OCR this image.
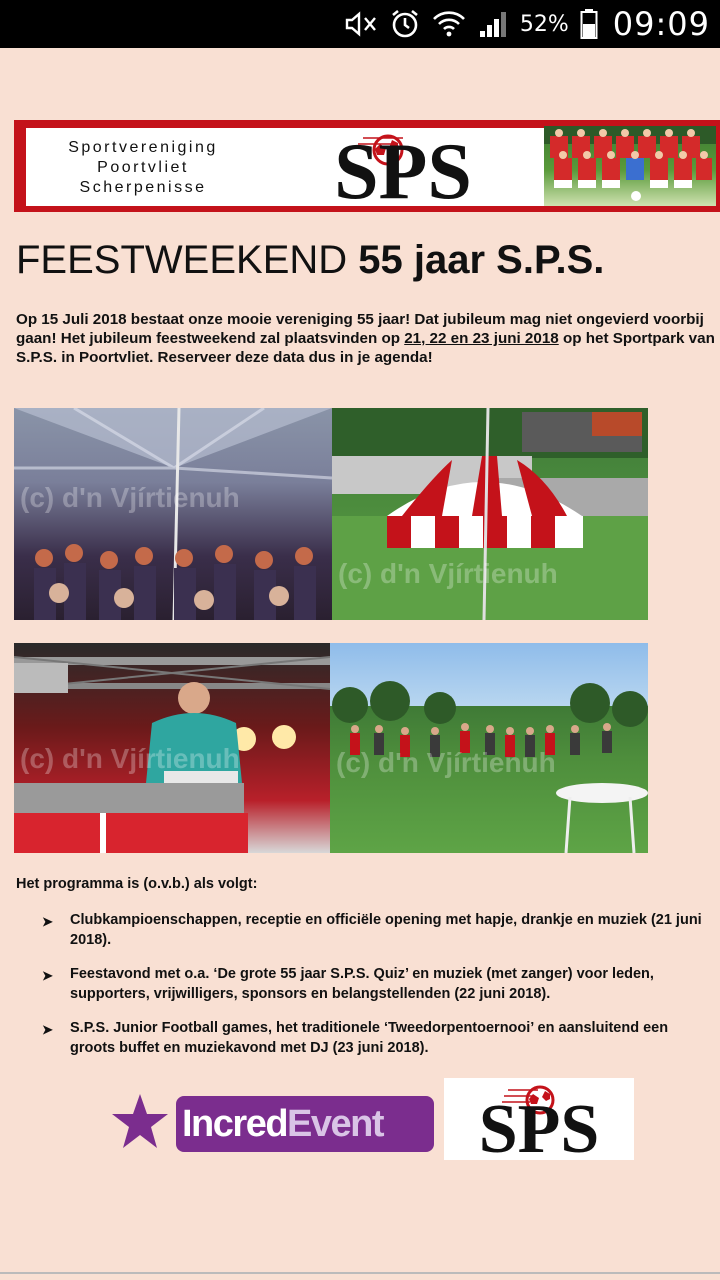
52% 09:09
Sportvereniging
Poortvliet
Scherpenisse	SPS
FEESTWEEKEND 55 jaar S.P.S.
Op 15 Juli 2018 bestaat onze mooie vereniging 55 jaar! Dat jubileum mag niet ongevierd voorbij gaan! Het jubileum feestweekend zal plaatsvinden op 21, 22 en 23 juni 2018 op het Sportpark van S.P.S. in Poortvliet. Reserveer deze data dus in je agenda!
(c) d'n Vjírtienuh
(c) d'n Vjírtienuh
(c) d'n Vjírtienuh	(c) d'n Vjírtienuh
Het programma is (o.v.b.) als volgt:
➤ Clubkampioenschappen, receptie en officiële opening met hapje, drankje en muziek (21 juni 2018).
➤ Feestavond met o.a. ‘De grote 55 jaar S.P.S. Quiz’ en muziek (met zanger) voor leden, supporters, vrijwilligers, sponsors en belangstellenden (22 juni 2018).
➤ S.P.S. Junior Football games, het traditionele ‘Tweedorpentoernooi’ en aansluitend een groots buffet en muziekavond met DJ (23 juni 2018).
Incred Event SPS
